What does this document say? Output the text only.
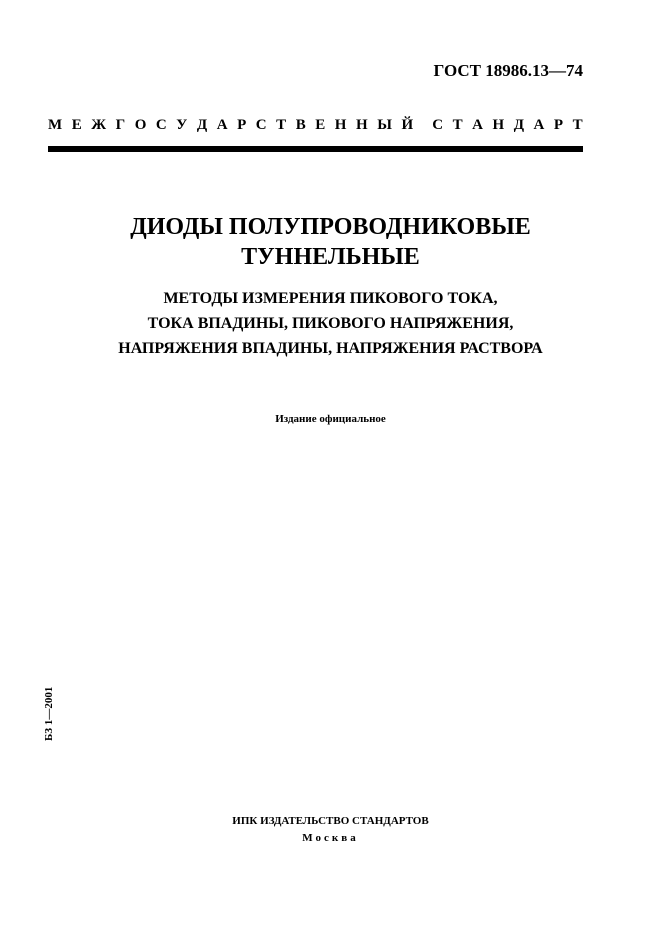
ГОСТ 18986.13—74
М Е Ж Г О С У Д А Р С Т В Е Н Н Ы Й С Т А Н Д А Р Т
ДИОДЫ ПОЛУПРОВОДНИКОВЫЕ
ТУННЕЛЬНЫЕ
МЕТОДЫ ИЗМЕРЕНИЯ ПИКОВОГО ТОКА,
ТОКА ВПАДИНЫ, ПИКОВОГО НАПРЯЖЕНИЯ,
НАПРЯЖЕНИЯ ВПАДИНЫ, НАПРЯЖЕНИЯ РАСТВОРА
Издание официальное
БЗ 1—2001
ИПК ИЗДАТЕЛЬСТВО СТАНДАРТОВ
Москва
